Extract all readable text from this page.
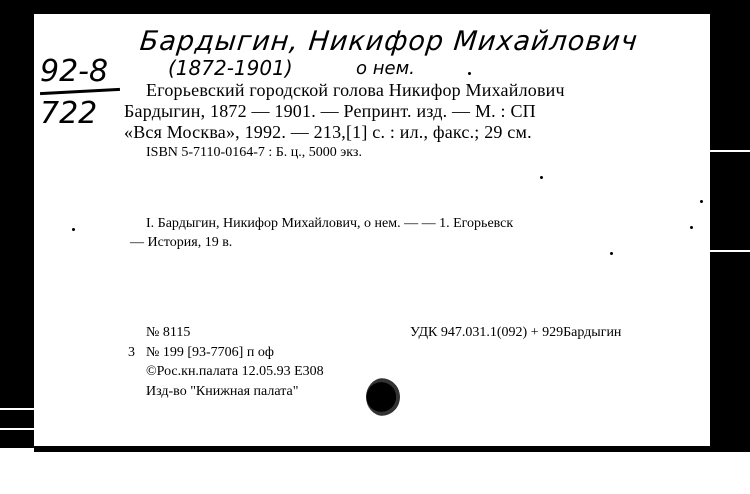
Бардыгин, Никифор Михайлович
(1872-1901)	о нем.
92-8
722
Егорьевский городской голова Никифор Михайлович
Бардыгин, 1872 — 1901. — Репринт. изд. — М. : СП
«Вся Москва», 1992. — 213,[1] с. : ил., факс.; 29 см.
ISBN 5-7110-0164-7 : Б. ц., 5000 экз.
I. Бардыгин, Никифор Михайлович, о нем. — — 1. Егорьевск
— История, 19 в.
№ 8115	УДК 947.031.1(092) + 929Бардыгин
3 № 199 [93-7706] п оф
©Рос.кн.палата 12.05.93 Е308
Изд-во "Книжная палата"
